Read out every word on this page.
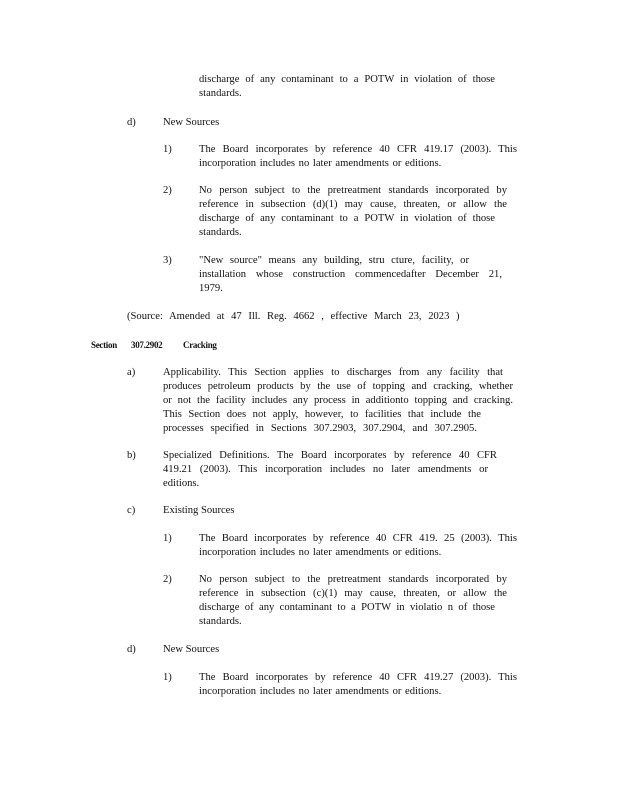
discharge of any contaminant to a POTW in violation of those
standards.
d)	New Sources
1)	The Board incorporates by reference 40 CFR 419.17 (2003). This
incorporation includes no later amendments or editions.
2)	No person subject to the pretreatment standards incorporated by
reference in subsection (d)(1) may cause, threaten, or allow the
discharge of any contaminant to a POTW in violation of those
standards.
3)	"New source" means any building, stru cture, facility, or
installation whose construction commencedafter December 21,
1979.
(Source: Amended at 47 Ill. Reg. 4662 , effective March 23, 2023 )
Section 307.2902 Cracking
a)	Applicability. This Section applies to discharges from any facility that
produces petroleum products by the use of topping and cracking, whether
or not the facility includes any process in additionto topping and cracking.
This Section does not apply, however, to facilities that include the
processes specified in Sections 307.2903, 307.2904, and 307.2905.
b)	Specialized Definitions. The Board incorporates by reference 40 CFR
419.21 (2003). This incorporation includes no later amendments or
editions.
c)	Existing Sources
1)	The Board incorporates by reference 40 CFR 419. 25 (2003). This
incorporation includes no later amendments or editions.
2)	No person subject to the pretreatment standards incorporated by
reference in subsection (c)(1) may cause, threaten, or allow the
discharge of any contaminant to a POTW in violatio n of those
standards.
d)	New Sources
1)	The Board incorporates by reference 40 CFR 419.27 (2003). This
incorporation includes no later amendments or editions.
